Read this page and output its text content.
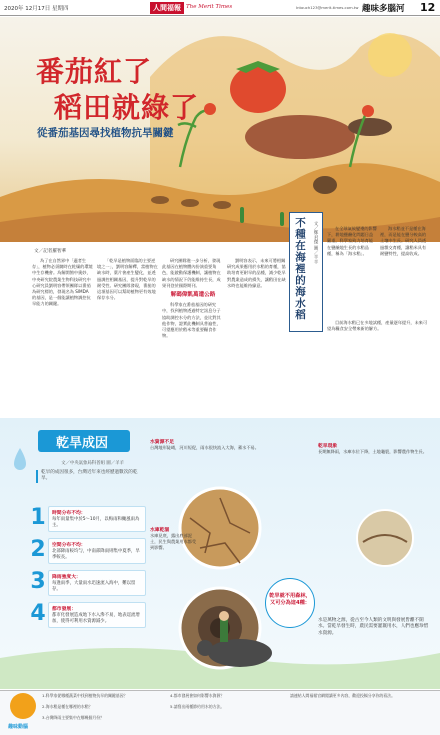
2020年 12月17日 星期四	人間福報 The Merit Times	Intouch123@merit-times.com.tw 趣味多腦河 12
番茄紅了
稻田就綠了
從番茄基因尋找植物抗旱關鍵
文／記者羅智華

為了在自然界中「適者生存」，植物必須隨時在乾燥的環境中生存機會。為解開箇中奧妙，中央研究院農業生物科技研究中心研究員劉明容帶領團隊以番茄為研究標的，發現名為 SlMDA 的基因，是一個能讓植物調控抗旱能力的關鍵。

「乾旱是植物面臨的主要逆境之一」，劉明容解釋，當植物在缺水時，葉片會產生變化，並透過調控相關基因，提升對乾旱的耐受性。研究團隊發現，番茄的這項基因可以幫助植物更有效地保存水分。

研究團隊進一步分析，發現此基因在植物體內扮演重要角色，能啟動保護機制，讓植物在缺水的情況下仍能維持生長，成果刊登於國際期刊。

解碼偉凱萬遺公路

科學家在番茄基因的研究中，找到植物透過特定訊息分子協助調控水分的方法，並比對其他作物，證實此機制具普遍性，可望應用於稻米等重要糧食作物。

劉明容表示，未來可將相關研究成果應用於水稻的育種，協助培育更耐旱的品種，減少乾旱對農業造成的損失，讓稻田在缺水時也能維持綠意。	不種在海裡的海水稻	文／鄭君傑 圖／羊羊	在全球氣候變遷的影響下，耕地鹽鹼化問題日益嚴重，科學家致力培育能在鹽鹼地生長的水稻品種，稱為「海水稻」。

海水稻並不是種在海裡，而是能在鹽分較高的土壤中生長。研究人員透過雜交育種，讓稻米具有耐鹽特性，提高收成。

目前海水稻已在多地試種，產量逐年提升，未來可望為糧食安全帶來新的解方。

乾旱成因
文／中央氣象局科普組 圖／羊羊
乾旱的成因很多，台灣近年來也經歷過數次的乾旱。
1 時間分布不均：
每年雨量集中於5～10月，以梅雨和颱風雨為主。
2 空間分布不均：
北部降雨較均勻，中南部降雨則集中夏季，旱季較長。
3 降雨強度大：
每逢雨季，大量雨水迅速流入海中，難以留存。
4 都市發展：
都市化發展造成地下水入滲不易，地表逕流增加，使得可利用水資源減少。
水資源不足
台灣地形陡峭，河川短促，雨水很快流入大海，蓄水不易。
水庫乾涸
水庫見底，露出底部泥土，民生與農業用水都受到影響。
乾旱現象
長期無降雨，水庫水位下降，土地龜裂，影響農作物生長。
乾旱就不用森林，又可分為這4種：
水是萬物之源，從古至今人類的文明與發展皆離不開水。當乾旱發生時，農民需要灌溉用水，人們也應珍惜水資源。
趣味動腦
1.科學家從哪種蔬菜中找到植物抗旱的關鍵基因？
2.海水稻是種在哪裡的水稻？
3.台灣降雨主要集中在哪幾個月份？
4.都市發展會如何影響水資源？
5.請寫出兩種節約用水的方法。
請連結人間福報官網閱讀更多內容，歡迎投稿分享你的看法。
